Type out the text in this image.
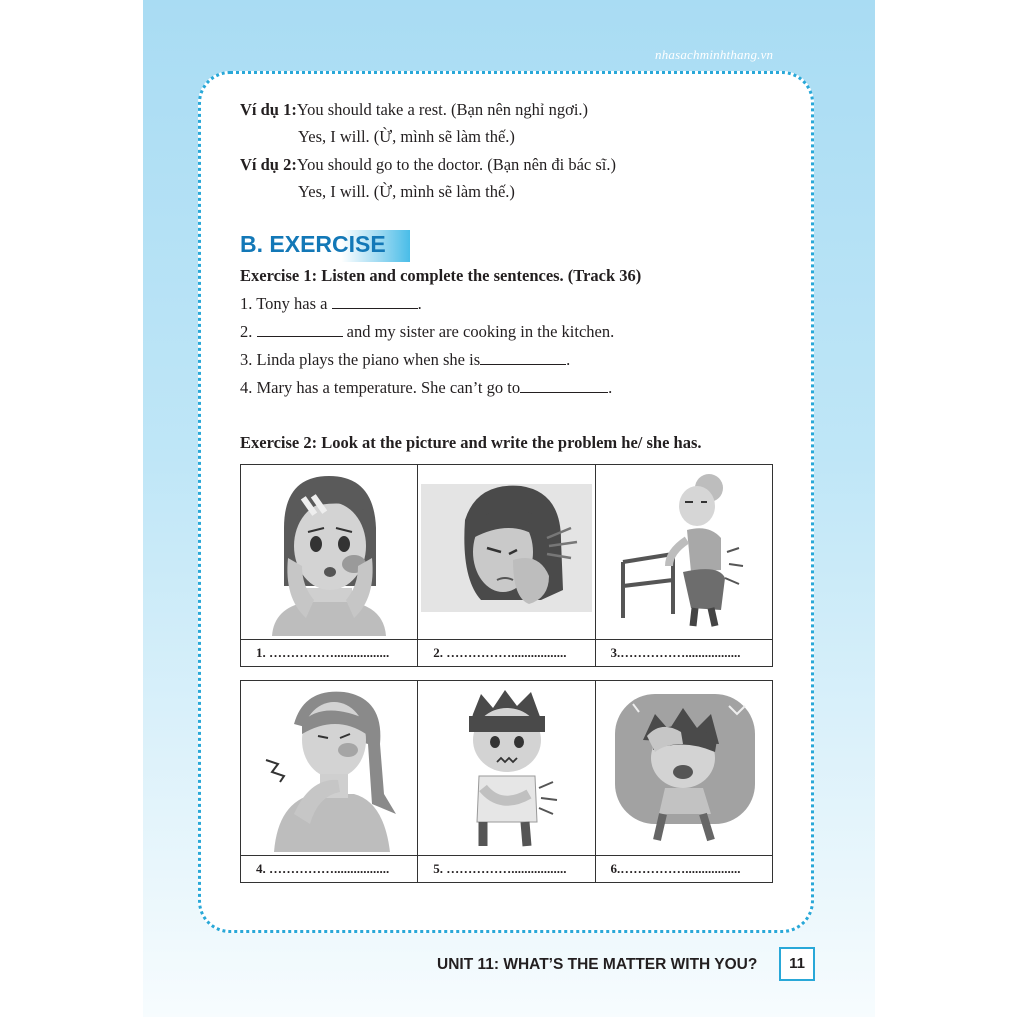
nhasachminhthang.vn
Ví dụ 1:You should take a rest. (Bạn nên nghỉ ngơi.)
Yes, I will. (Ừ, mình sẽ làm thế.)
Ví dụ 2:You should go to the doctor. (Bạn nên đi bác sĩ.)
Yes, I will. (Ừ, mình sẽ làm thế.)
B. EXERCISE
Exercise 1: Listen and complete the sentences. (Track 36)
1. Tony has a	.
2.	and my sister are cooking in the kitchen.
3. Linda plays the piano when she is	.
4. Mary has a temperature. She can’t go to	.
Exercise 2: Look at the picture and write the problem he/ she has.

1. …………….................	2. …………….................	3.…………….................

4. …………….................	5. …………….................	6.…………….................
UNIT 11: WHAT’S THE MATTER WITH YOU?	11
